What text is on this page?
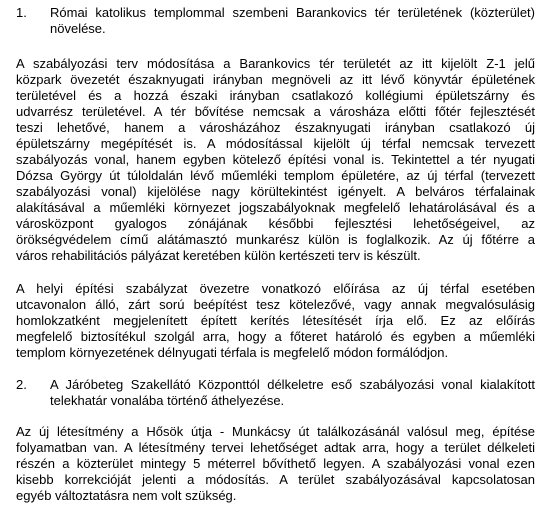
1. Római katolikus templommal szembeni Barankovics tér területének (közterület)
növelése.
A szabályozási terv módosítása a Barankovics tér területét az itt kijelölt Z-1 jelű
közpark övezetét északnyugati irányban megnöveli az itt lévő könyvtár épületének
területével és a hozzá északi irányban csatlakozó kollégiumi épületszárny és
udvarrész területével. A tér bővítése nemcsak a városháza előtti főtér fejlesztését
teszi lehetővé, hanem a városházához északnyugati irányban csatlakozó új
épületszárny megépítését is. A módosítással kijelölt új térfal nemcsak tervezett
szabályozás vonal, hanem egyben kötelező építési vonal is. Tekintettel a tér nyugati
Dózsa György út túloldalán lévő műemléki templom épületére, az új térfal (tervezett
szabályozási vonal) kijelölése nagy körültekintést igényelt. A belváros térfalainak
alakításával a műemléki környezet jogszabályoknak megfelelő lehatárolásával és a
városközpont gyalogos zónájának későbbi fejlesztési lehetőségeivel, az
örökségvédelem című alátámasztó munkarész külön is foglalkozik. Az új főtérre a
város rehabilitációs pályázat keretében külön kertészeti terv is készült.
A helyi építési szabályzat övezetre vonatkozó előírása az új térfal esetében
utcavonalon álló, zárt sorú beépítést tesz kötelezővé, vagy annak megvalósulásig
homlokzatként megjelenített épített kerítés létesítését írja elő. Ez az előírás
megfelelő biztosítékul szolgál arra, hogy a főteret határoló és egyben a műemléki
templom környezetének délnyugati térfala is megfelelő módon formálódjon.
2. A Járóbeteg Szakellátó Központtól délkeletre eső szabályozási vonal kialakított
telekhatár vonalába történő áthelyezése.
Az új létesítmény a Hősök útja - Munkácsy út találkozásánál valósul meg, építése
folyamatban van. A létesítmény tervei lehetőséget adtak arra, hogy a terület délkeleti
részén a közterület mintegy 5 méterrel bővíthető legyen. A szabályozási vonal ezen
kisebb korrekcióját jelenti a módosítás. A terület szabályozásával kapcsolatosan
egyéb változtatásra nem volt szükség.
